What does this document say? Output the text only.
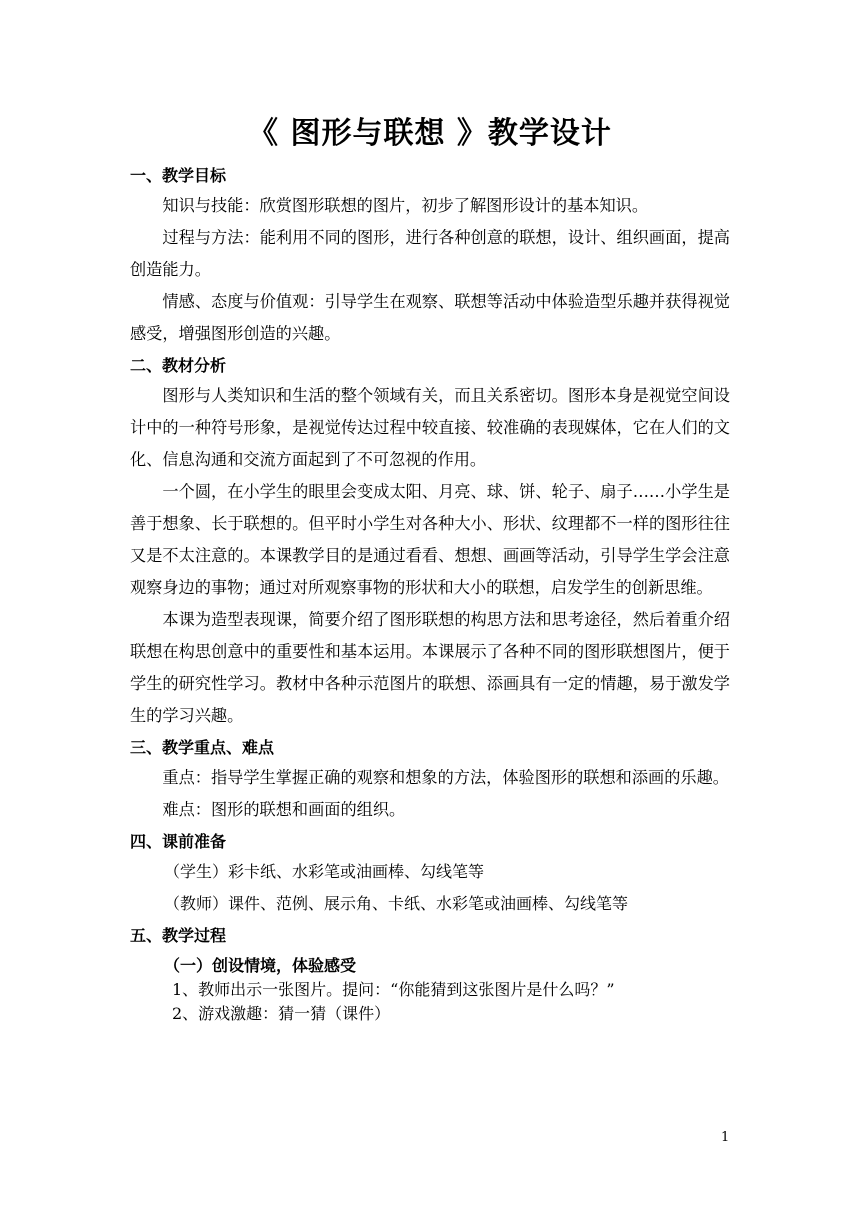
《 图形与联想 》教学设计

一、教学目标

知识与技能：欣赏图形联想的图片，初步了解图形设计的基本知识。

过程与方法：能利用不同的图形，进行各种创意的联想，设计、组织画面，提高创造能力。

情感、态度与价值观：引导学生在观察、联想等活动中体验造型乐趣并获得视觉感受，增强图形创造的兴趣。

二、教材分析

图形与人类知识和生活的整个领域有关，而且关系密切。图形本身是视觉空间设计中的一种符号形象，是视觉传达过程中较直接、较准确的表现媒体，它在人们的文化、信息沟通和交流方面起到了不可忽视的作用。

一个圆，在小学生的眼里会变成太阳、月亮、球、饼、轮子、扇子……小学生是善于想象、长于联想的。但平时小学生对各种大小、形状、纹理都不一样的图形往往又是不太注意的。本课教学目的是通过看看、想想、画画等活动，引导学生学会注意观察身边的事物；通过对所观察事物的形状和大小的联想，启发学生的创新思维。

本课为造型表现课，简要介绍了图形联想的构思方法和思考途径，然后着重介绍联想在构思创意中的重要性和基本运用。本课展示了各种不同的图形联想图片，便于学生的研究性学习。教材中各种示范图片的联想、添画具有一定的情趣，易于激发学生的学习兴趣。

三、教学重点、难点

重点：指导学生掌握正确的观察和想象的方法，体验图形的联想和添画的乐趣。

难点：图形的联想和画面的组织。

四、课前准备

（学生）彩卡纸、水彩笔或油画棒、勾线笔等

（教师）课件、范例、展示角、卡纸、水彩笔或油画棒、勾线笔等

五、教学过程

（一）创设情境，体验感受

1、教师出示一张图片。提问：“你能猜到这张图片是什么吗？”

2、游戏激趣：猜一猜（课件）

1
